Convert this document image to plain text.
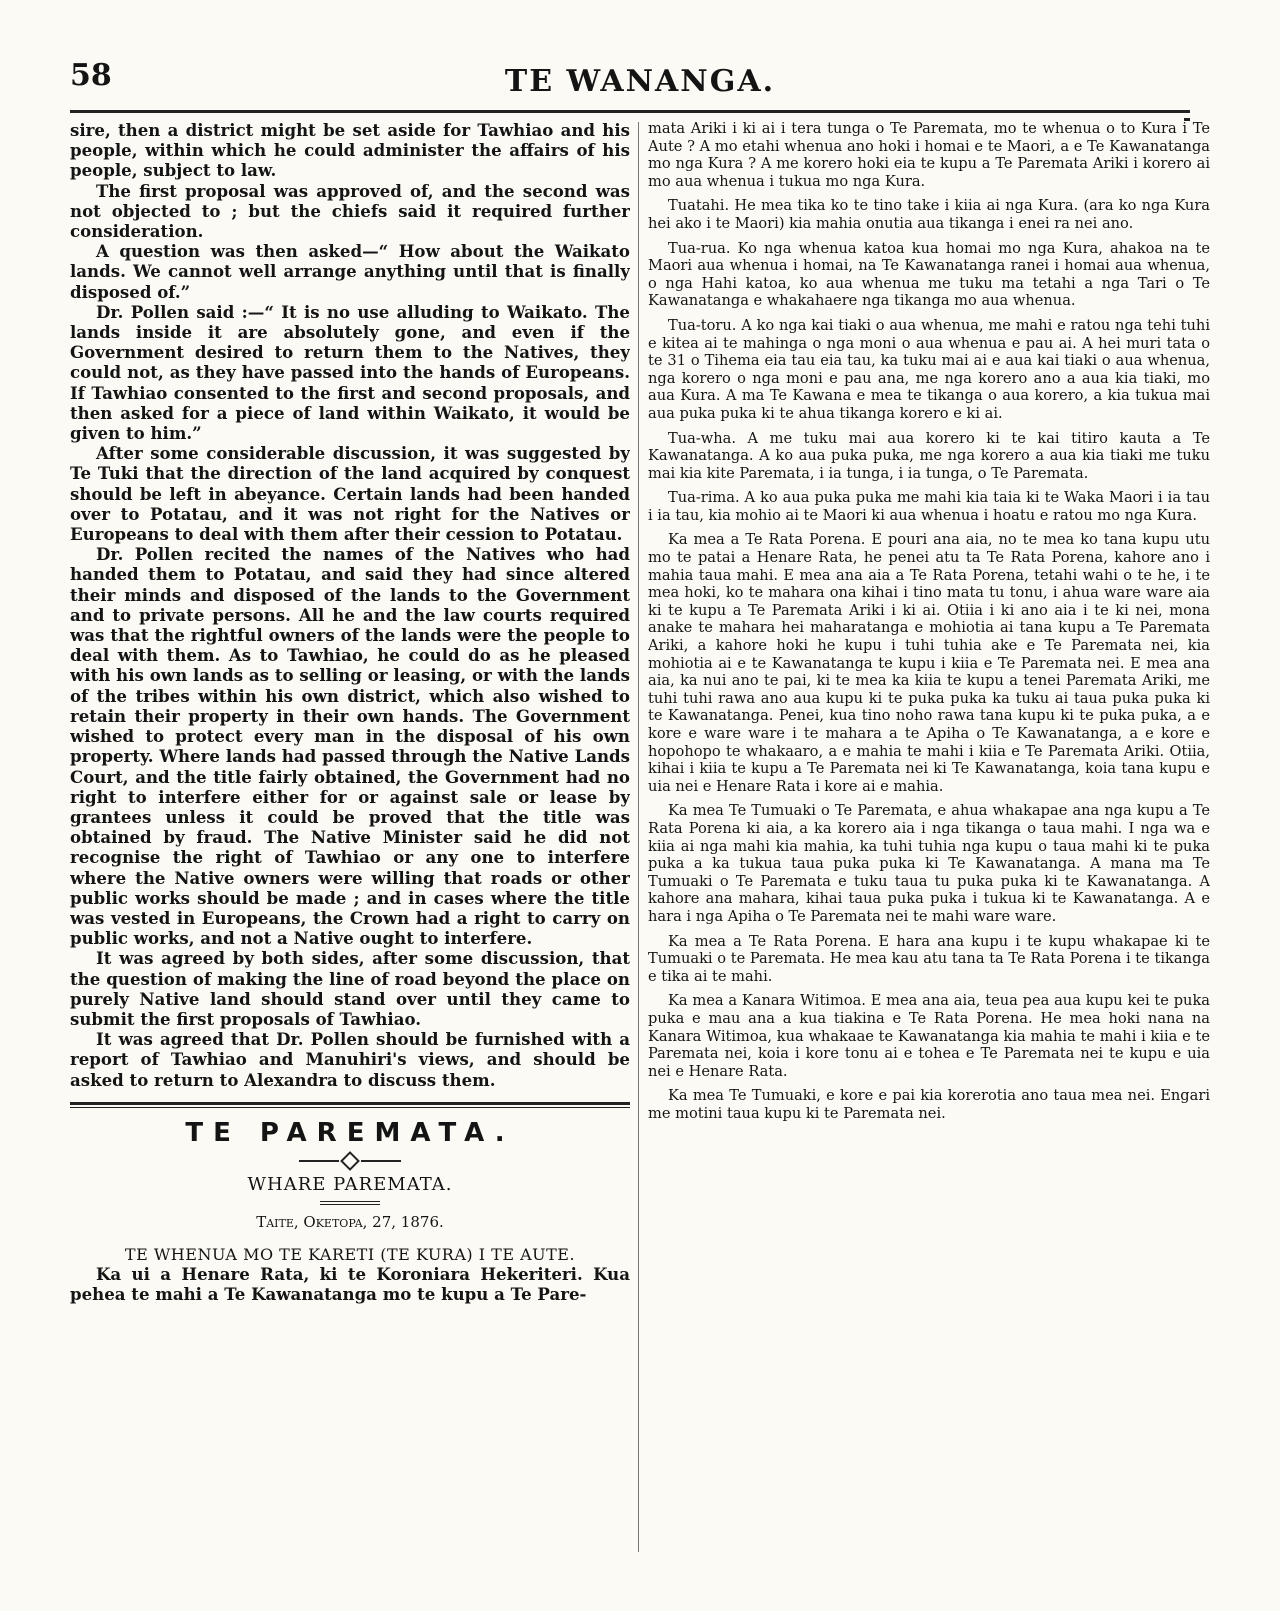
58	TE WANANGA.

sire, then a district might be set aside for Tawhiao and his people, within which he could administer the affairs of his people, subject to law.

The first proposal was approved of, and the second was not objected to ; but the chiefs said it required further consideration.

A question was then asked—“ How about the Waikato lands. We cannot well arrange anything until that is finally disposed of.”

Dr. Pollen said :—“ It is no use alluding to Waikato. The lands inside it are absolutely gone, and even if the Government desired to return them to the Natives, they could not, as they have passed into the hands of Europeans. If Tawhiao consented to the first and second proposals, and then asked for a piece of land within Waikato, it would be given to him.”

After some considerable discussion, it was suggested by Te Tuki that the direction of the land acquired by conquest should be left in abeyance. Certain lands had been handed over to Potatau, and it was not right for the Natives or Europeans to deal with them after their cession to Potatau.

Dr. Pollen recited the names of the Natives who had handed them to Potatau, and said they had since altered their minds and disposed of the lands to the Government and to private persons. All he and the law courts required was that the rightful owners of the lands were the people to deal with them. As to Tawhiao, he could do as he pleased with his own lands as to selling or leasing, or with the lands of the tribes within his own district, which also wished to retain their property in their own hands. The Government wished to protect every man in the disposal of his own property. Where lands had passed through the Native Lands Court, and the title fairly obtained, the Government had no right to interfere either for or against sale or lease by grantees unless it could be proved that the title was obtained by fraud. The Native Minister said he did not recognise the right of Tawhiao or any one to interfere where the Native owners were willing that roads or other public works should be made ; and in cases where the title was vested in Europeans, the Crown had a right to carry on public works, and not a Native ought to interfere.

It was agreed by both sides, after some discussion, that the question of making the line of road beyond the place on purely Native land should stand over until they came to submit the first proposals of Tawhiao.

It was agreed that Dr. Pollen should be furnished with a report of Tawhiao and Manuhiri's views, and should be asked to return to Alexandra to discuss them.

TE PAREMATA.
WHARE PAREMATA.
Taite, Oketopa, 27, 1876.
TE WHENUA MO TE KARETI (TE KURA) I TE AUTE.

Ka ui a Henare Rata, ki te Koroniara Hekeriteri. Kua pehea te mahi a Te Kawanatanga mo te kupu a Te Pare-

mata Ariki i ki ai i tera tunga o Te Paremata, mo te whenua o to Kura i Te Aute ? A mo etahi whenua ano hoki i homai e te Maori, a e Te Kawanatanga mo nga Kura ? A me korero hoki eia te kupu a Te Paremata Ariki i korero ai mo aua whenua i tukua mo nga Kura.

Tuatahi. He mea tika ko te tino take i kiia ai nga Kura. (ara ko nga Kura hei ako i te Maori) kia mahia onutia aua tikanga i enei ra nei ano.

Tua-rua. Ko nga whenua katoa kua homai mo nga Kura, ahakoa na te Maori aua whenua i homai, na Te Kawanatanga ranei i homai aua whenua, o nga Hahi katoa, ko aua whenua me tuku ma tetahi a nga Tari o Te Kawanatanga e whakahaere nga tikanga mo aua whenua.

Tua-toru. A ko nga kai tiaki o aua whenua, me mahi e ratou nga tehi tuhi e kitea ai te mahinga o nga moni o aua whenua e pau ai. A hei muri tata o te 31 o Tihema eia tau eia tau, ka tuku mai ai e aua kai tiaki o aua whenua, nga korero o nga moni e pau ana, me nga korero ano a aua kia tiaki, mo aua Kura. A ma Te Kawana e mea te tikanga o aua korero, a kia tukua mai aua puka puka ki te ahua tikanga korero e ki ai.

Tua-wha. A me tuku mai aua korero ki te kai titiro kauta a Te Kawanatanga. A ko aua puka puka, me nga korero a aua kia tiaki me tuku mai kia kite Paremata, i ia tunga, i ia tunga, o Te Paremata.

Tua-rima. A ko aua puka puka me mahi kia taia ki te Waka Maori i ia tau i ia tau, kia mohio ai te Maori ki aua whenua i hoatu e ratou mo nga Kura.

Ka mea a Te Rata Porena. E pouri ana aia, no te mea ko tana kupu utu mo te patai a Henare Rata, he penei atu ta Te Rata Porena, kahore ano i mahia taua mahi. E mea ana aia a Te Rata Porena, tetahi wahi o te he, i te mea hoki, ko te mahara ona kihai i tino mata tu tonu, i ahua ware ware aia ki te kupu a Te Paremata Ariki i ki ai. Otiia i ki ano aia i te ki nei, mona anake te mahara hei maharatanga e mohiotia ai tana kupu a Te Paremata Ariki, a kahore hoki he kupu i tuhi tuhia ake e Te Paremata nei, kia mohiotia ai e te Kawanatanga te kupu i kiia e Te Paremata nei. E mea ana aia, ka nui ano te pai, ki te mea ka kiia te kupu a tenei Paremata Ariki, me tuhi tuhi rawa ano aua kupu ki te puka puka ka tuku ai taua puka puka ki te Kawanatanga. Penei, kua tino noho rawa tana kupu ki te puka puka, a e kore e ware ware i te mahara a te Apiha o Te Kawanatanga, a e kore e hopohopo te whakaaro, a e mahia te mahi i kiia e Te Paremata Ariki. Otiia, kihai i kiia te kupu a Te Paremata nei ki Te Kawanatanga, koia tana kupu e uia nei e Henare Rata i kore ai e mahia.

Ka mea Te Tumuaki o Te Paremata, e ahua whakapae ana nga kupu a Te Rata Porena ki aia, a ka korero aia i nga tikanga o taua mahi. I nga wa e kiia ai nga mahi kia mahia, ka tuhi tuhia nga kupu o taua mahi ki te puka puka a ka tukua taua puka puka ki Te Kawanatanga. A mana ma Te Tumuaki o Te Paremata e tuku taua tu puka puka ki te Kawanatanga. A kahore ana mahara, kihai taua puka puka i tukua ki te Kawanatanga. A e hara i nga Apiha o Te Paremata nei te mahi ware ware.

Ka mea a Te Rata Porena. E hara ana kupu i te kupu whakapae ki te Tumuaki o te Paremata. He mea kau atu tana ta Te Rata Porena i te tikanga e tika ai te mahi.

Ka mea a Kanara Witimoa. E mea ana aia, teua pea aua kupu kei te puka puka e mau ana a kua tiakina e Te Rata Porena. He mea hoki nana na Kanara Witimoa, kua whakaae te Kawanatanga kia mahia te mahi i kiia e te Paremata nei, koia i kore tonu ai e tohea e Te Paremata nei te kupu e uia nei e Henare Rata.

Ka mea Te Tumuaki, e kore e pai kia korerotia ano taua mea nei. Engari me motini taua kupu ki te Paremata nei.
